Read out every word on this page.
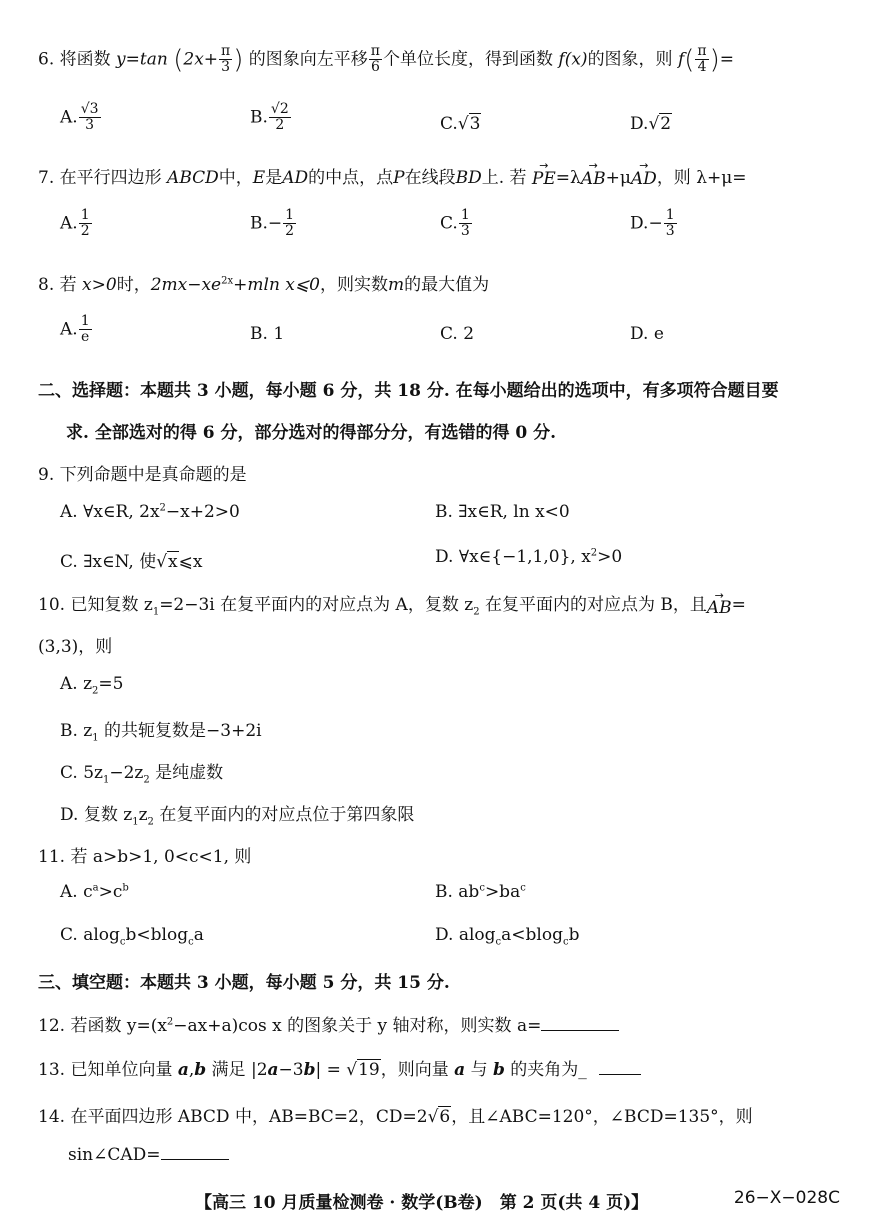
6. 将函数 y=tan ($2x+ \frac{\pi}{3}$ ) 的图象向左平移 $\frac{\pi}{6}$ 个单位长度，得到函数 f(x)的图象，则 $f( \frac{\pi}{4}$ )=
A. $\frac{√3}{3}$	B. $\frac{√2}{2}$	C.√3	D.√2
7. 在平行四边形 ABCD中，E是AD的中点，点P在线段BD上. 若
→
PE =λ
→
AB +μ
→
AD ，则 λ+μ=
A. $\frac{1}{2}$	$B.- \frac{1}{2}$	C. $\frac{1}{3}$	$D.- \frac{1}{3}$
8. 若 x>0时，$2mx-xe^{2x}+mln$ x⩽0，则实数m的最大值为
A. $\frac{1}{e}$	B. 1	C. 2	D. e
二、选择题：本题共 3 小题，每小题 6 分，共 18 分. 在每小题给出的选项中，有多项符合题目要
求. 全部选对的得 6 分，部分选对的得部分分，有选错的得 0 分.
9. 下列命题中是真命题的是
A. ∀x∈R, $2x^2-x+2>0$	B. ∃x∈R, ln x<0
C. ∃x∈N, 使√x⩽x	D. ∀x∈{−1,1,0}, $x^2>0$
10. 已知复数 $z_1=2-3i$ 在复平面内的对应点为 A，复数 $z_2$ 在复平面内的对应点为 B，且 →
AB =
(3,3)，则
A. $z_2=5$
B. $z_1$ 的共轭复数是−3+2i
C. $5z_1-2z_2$ 是纯虚数
D. 复数 $z_1z_2$ 在复平面内的对应点位于第四象限
11. 若 a>b>1, 0<c<1, 则
A. $c^a>c^b$	B. $ab^c>ba^c$
C. alog$_c$b<blog$_c$a	D. alog$_c$a<blog$_c$b
三、填空题：本题共 3 小题，每小题 5 分，共 15 分.
12. 若函数 $y=(x^2-ax+a)\cos$ x 的图象关于 y 轴对称，则实数 a=
13. 已知单位向量 a,b 满足 |2a−3b| = √19，则向量 a 与 b 的夹角为_
14. 在平面四边形 ABCD 中，AB=BC=2，CD=2√6，且∠ABC=120°，∠BCD=135°，则
sin∠CAD=
【高三 10 月质量检测卷 · 数学(B卷)　第 2 页(共 4 页)】	26−X−028C
